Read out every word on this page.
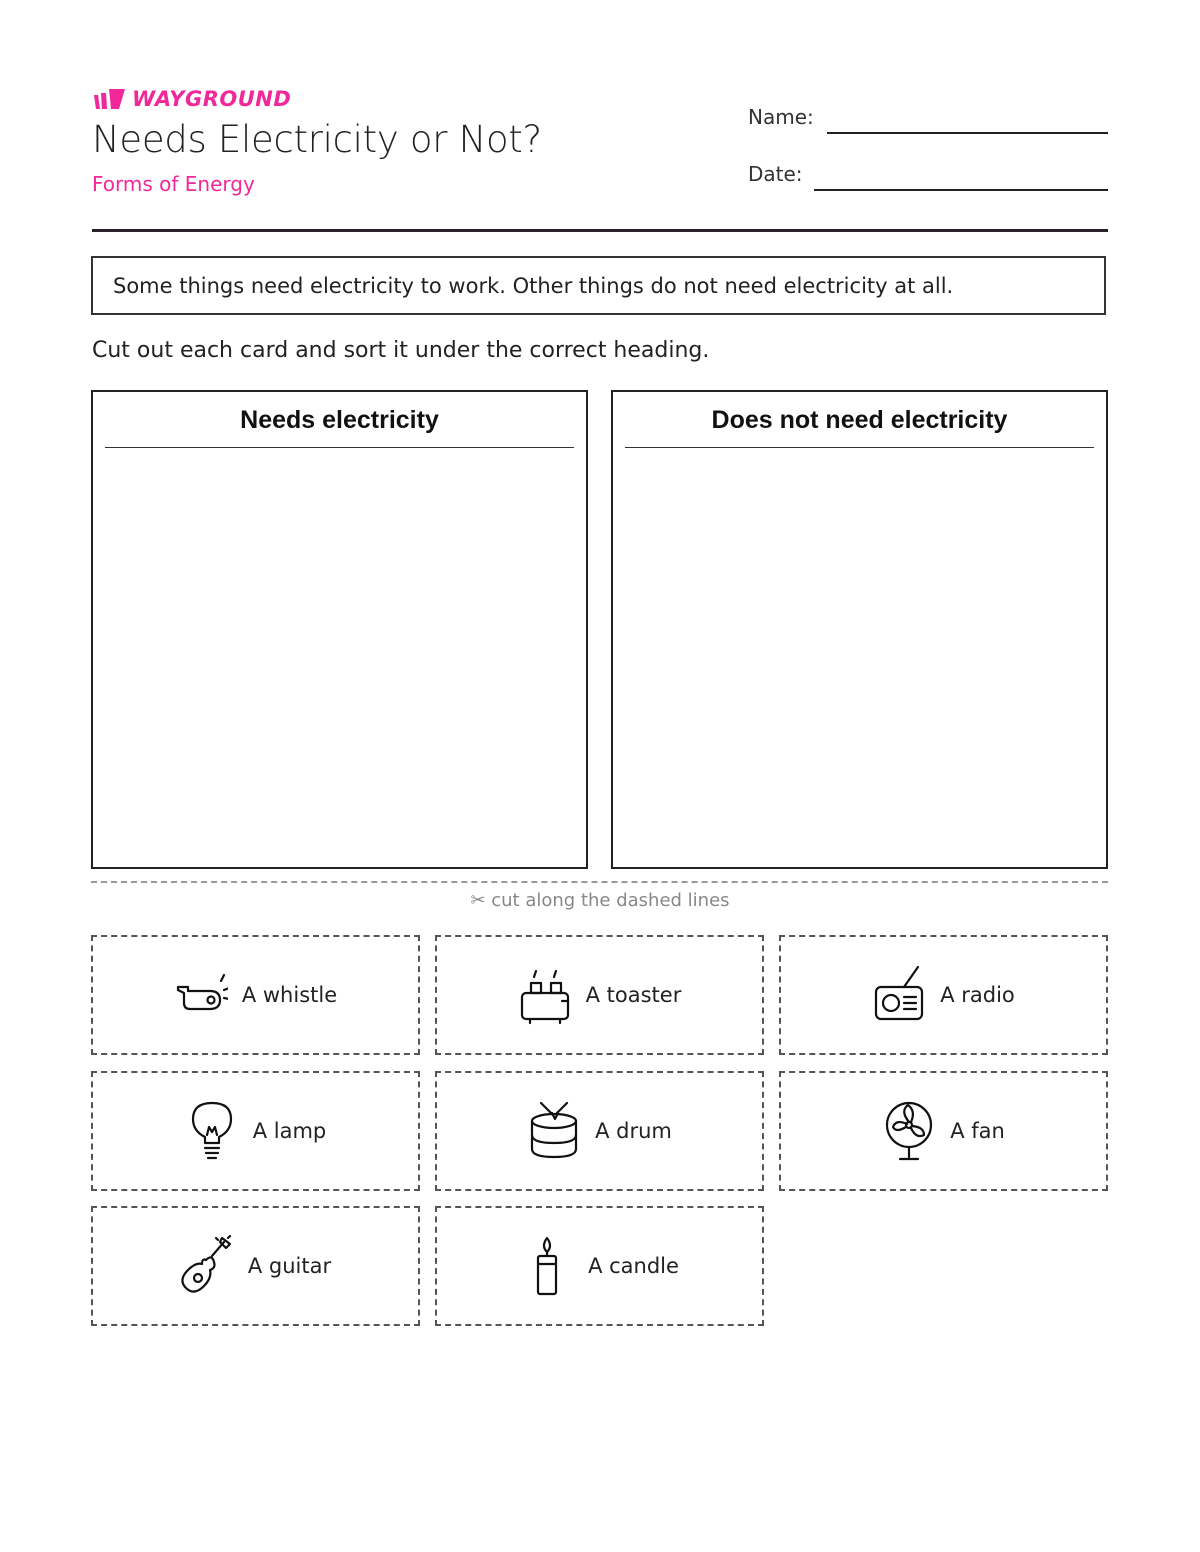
WAYGROUND
Needs Electricity or Not?
Forms of Energy
Name:
Date:
Some things need electricity to work. Other things do not need electricity at all.
Cut out each card and sort it under the correct heading.
Needs electricity	Does not need electricity
✂ cut along the dashed lines
A whistle	A toaster	A radio
A lamp	A drum	A fan
A guitar	A candle
